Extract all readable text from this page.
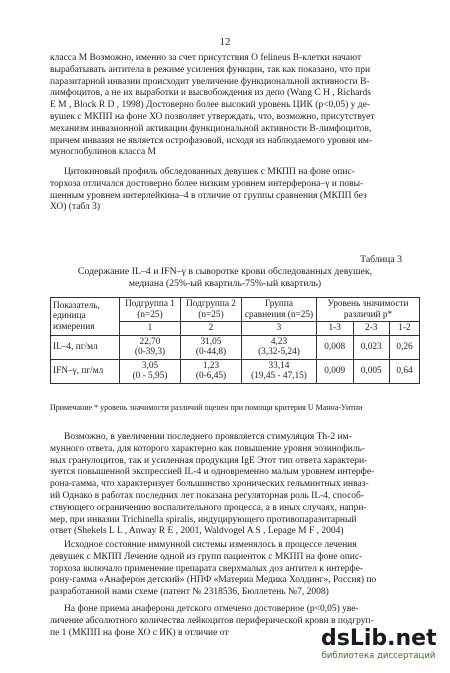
12
класса М Возможно, именно за счет присутствия O felineus В-клетки начают
вырабатывать антитела в режиме усиления функции, так как показано, что при
паразитарной инвазии происходит увеличение функциональной активности В-
лимфоцитов, а не их выработки и высвобождения из депо (Wang C H , Richards
E M , Block R D , 1998) Достоверно более высокий уровень ЦИК (р<0,05) у де-
вушек с МКПП на фоне ХО позволяет утверждать, что, возможно, присутствует
механизм инвазионной активации функциональной активности В-лимфоцитов,
причем инвазия не является острофазовой, исходя из наблюдаемого уровня им-
муноглобулинов класса М
Цитокиновый профиль обследованных девушек с МКПП на фоне опис-
торхоза отличался достоверно более низким уровнем интерферона–γ и повы-
шенным уровнем интерлейкина–4 в отличие от группы сравнения (МКПП без
ХО) (табл 3)
Таблица 3
Содержание IL–4 и IFN–γ в сыворотке крови обследованных девушек,
медиана (25%-ый квартиль-75%-ый квартиль)
Показатель, единица измерения	Подгруппа 1 (n=25)	Подгруппа 2 (n=25)	Группа сравнения (n=25)	Уровень значимости различий р*		
	1	2	3	1-3	2-3	1-2
IL–4, пг/мл	22,70
(0-39,3)	31,05
(0-44,8)	4,23
(3,32-5,24)	0,008	0,023	0,26
IFN–γ, пг/мл	3,05
(0 - 5,95)	1,23
(0-6,45)	33,14
(19,45 - 47,15)	0,009	0,005	0,64
Примечание * уровень значимости различий оценен при помощи критерия U Манна-Уитни
Возможно, в увеличении последнего проявляется стимуляция Th-2 им-
мунного ответа, для которого характерно как повышение уровня эозинофиль-
ных гранулоцитов, так и усиленная продукция IgE Этот тип ответа характери-
зуется повышенной экспрессией IL-4 и одновременно малым уровнем интерфе-
рона-гамма, что характеризует большинство хронических гельминтных инваз-
ий Однако в работах последних лет показана регуляторная роль IL-4, способ-
ствующего ограничению воспалительного процесса, а в иных случаях, напри-
мер, при инвазии Trichinella spiralis, индуцирующего противопаразитарный
ответ (Shekels L L , Anway R E , 2001, Waldvogel A S , Lepage M F , 2004)
Исходное состояние иммунной системы изменялось в процессе лечения
девушек с МКПП Лечение одной из групп пациенток с МКПП на фоне опис-
торхоза включало применение препарата сверхмалых доз антител к интерфе-
рону-гамма «Анаферон детский» (НПФ «Материа Медика Холдинг», Россия) по
разработанной нами схеме (патент № 2318536, Бюллетень №7, 2008)
На фоне приема анаферона детского отмечено достоверное (р<0,05) уве-
личение абсолютного количества лейкоцитов периферической крови в подгруп-
пе 1 (МКПП на фоне ХО с ИК) в отличие от	dsLib.net
библиотека диссертаций
